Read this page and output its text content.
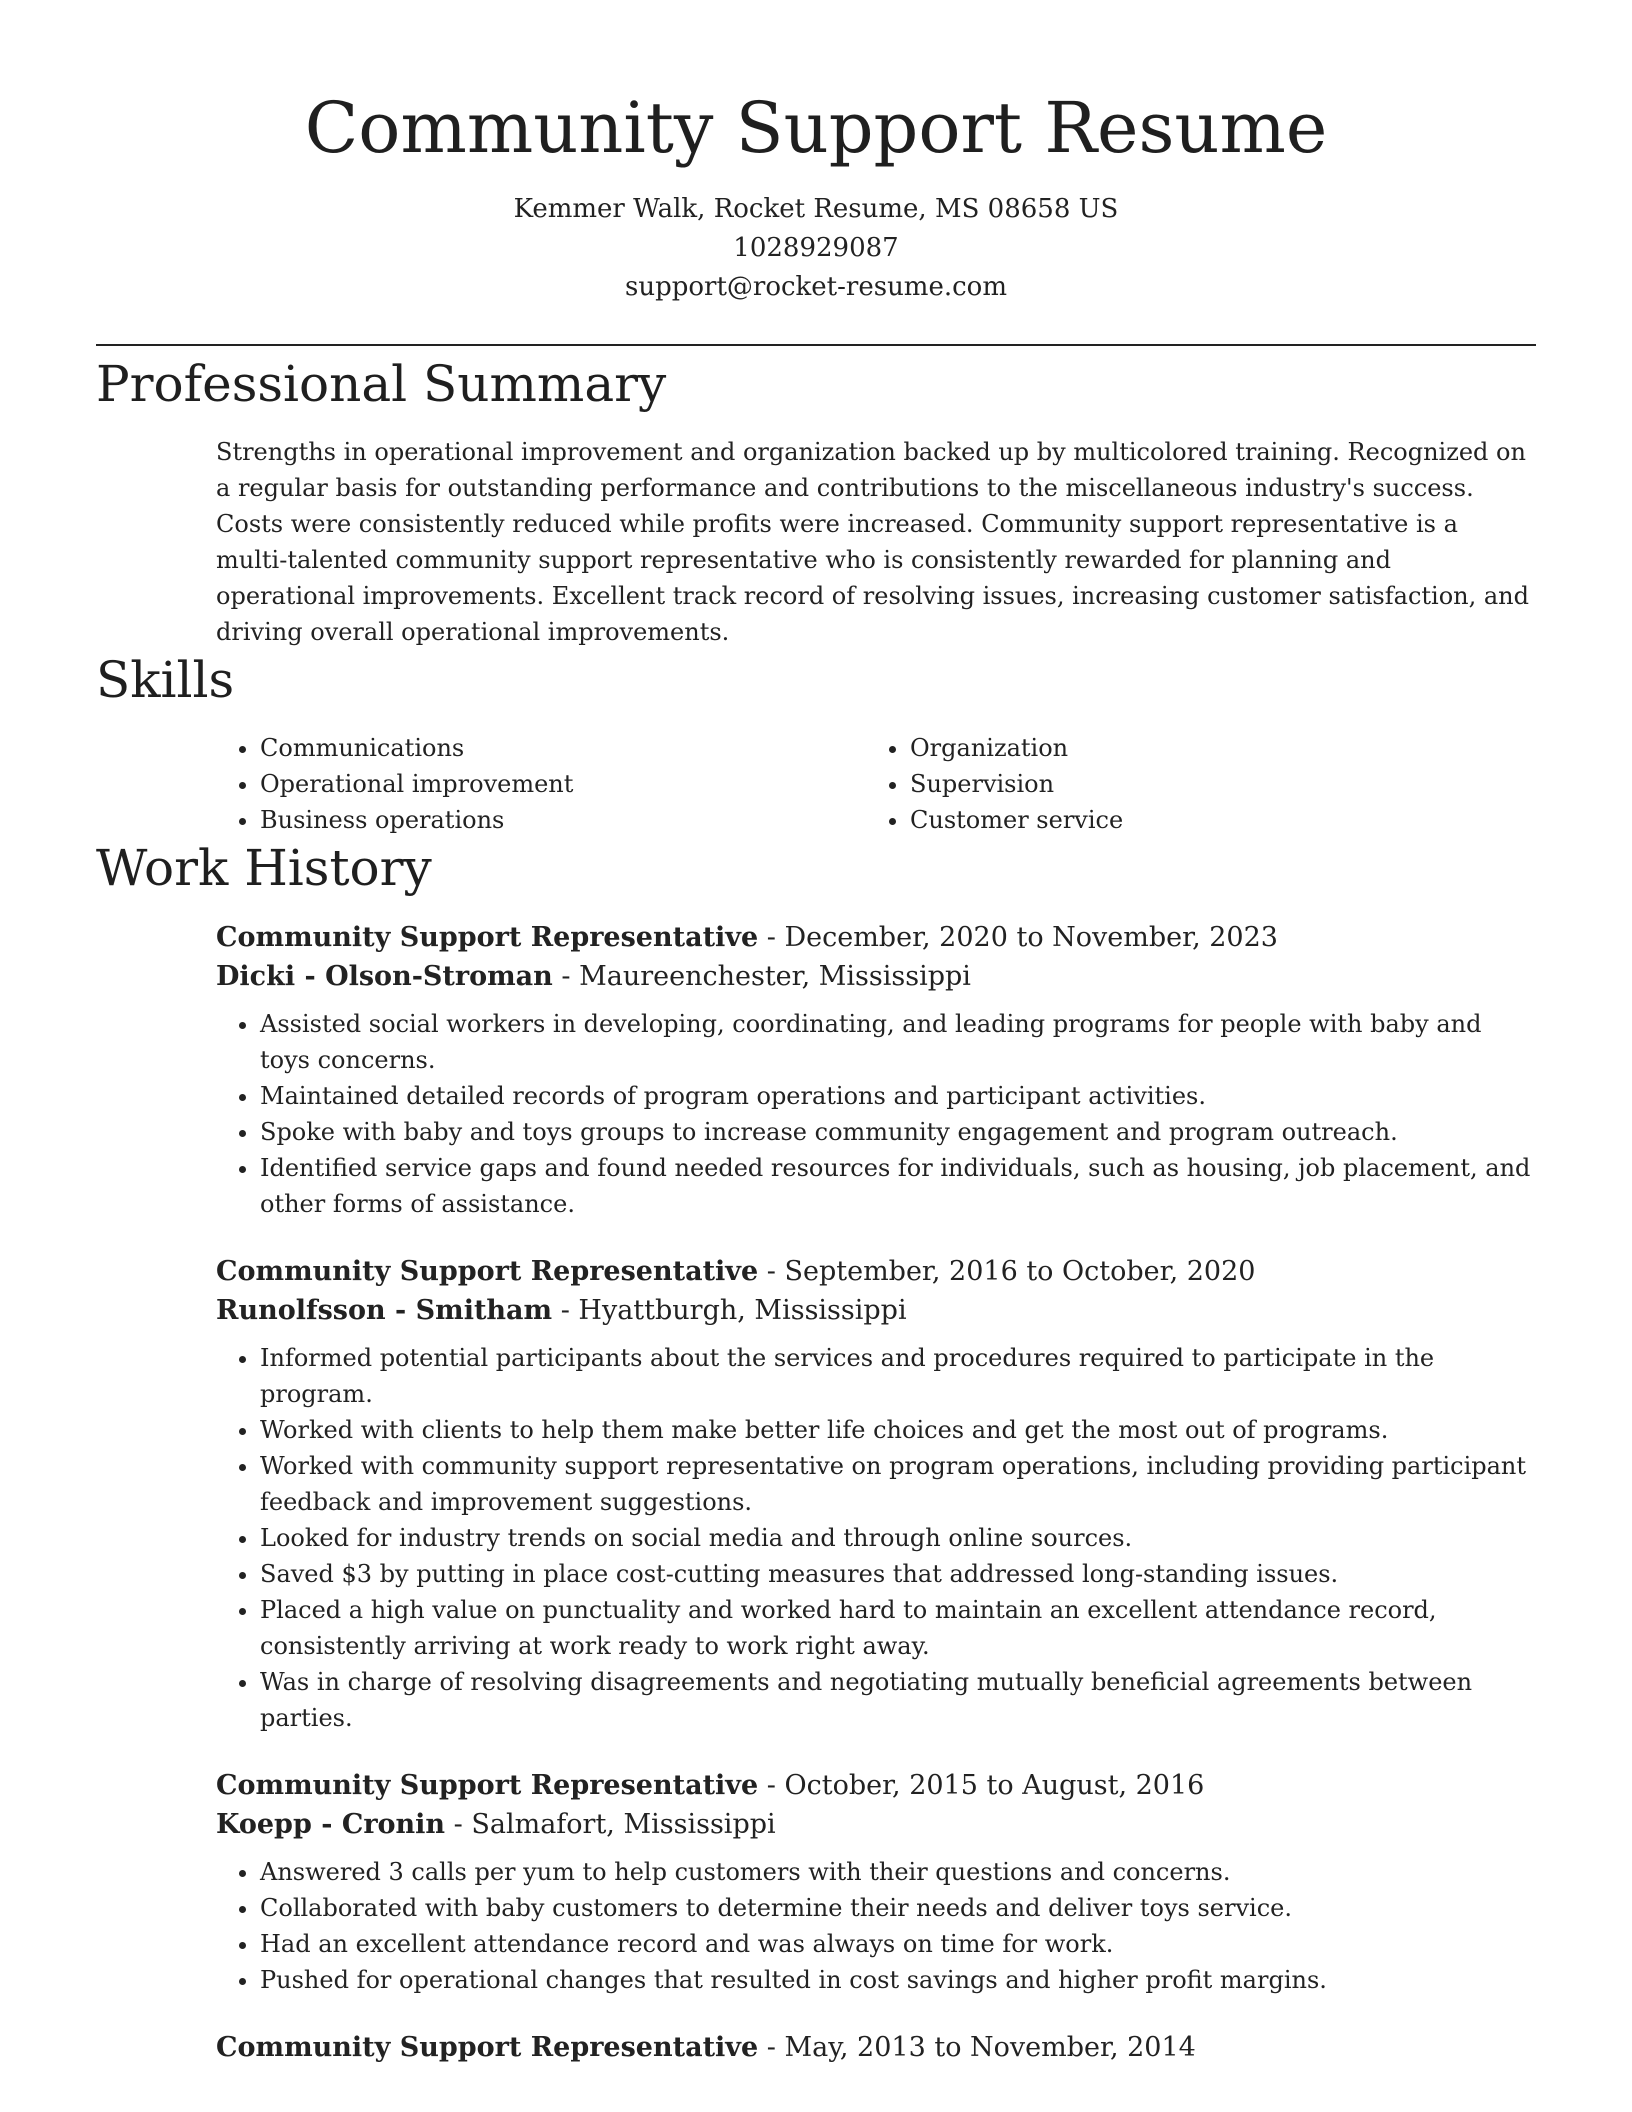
Community Support Resume
Kemmer Walk, Rocket Resume, MS 08658 US
1028929087
support@rocket-resume.com
Professional Summary
Strengths in operational improvement and organization backed up by multicolored training. Recognized on a regular basis for outstanding performance and contributions to the miscellaneous industry's success. Costs were consistently reduced while profits were increased. Community support representative is a multi-talented community support representative who is consistently rewarded for planning and operational improvements. Excellent track record of resolving issues, increasing customer satisfaction, and driving overall operational improvements.
Skills
• Communications
• Operational improvement
• Business operations
• Organization
• Supervision
• Customer service
Work History
Community Support Representative - December, 2020 to November, 2023
Dicki - Olson-Stroman - Maureenchester, Mississippi
• Assisted social workers in developing, coordinating, and leading programs for people with baby and toys concerns.
• Maintained detailed records of program operations and participant activities.
• Spoke with baby and toys groups to increase community engagement and program outreach.
• Identified service gaps and found needed resources for individuals, such as housing, job placement, and other forms of assistance.
Community Support Representative - September, 2016 to October, 2020
Runolfsson - Smitham - Hyattburgh, Mississippi
• Informed potential participants about the services and procedures required to participate in the program.
• Worked with clients to help them make better life choices and get the most out of programs.
• Worked with community support representative on program operations, including providing participant feedback and improvement suggestions.
• Looked for industry trends on social media and through online sources.
• Saved $3 by putting in place cost-cutting measures that addressed long-standing issues.
• Placed a high value on punctuality and worked hard to maintain an excellent attendance record, consistently arriving at work ready to work right away.
• Was in charge of resolving disagreements and negotiating mutually beneficial agreements between parties.
Community Support Representative - October, 2015 to August, 2016
Koepp - Cronin - Salmafort, Mississippi
• Answered 3 calls per yum to help customers with their questions and concerns.
• Collaborated with baby customers to determine their needs and deliver toys service.
• Had an excellent attendance record and was always on time for work.
• Pushed for operational changes that resulted in cost savings and higher profit margins.
Community Support Representative - May, 2013 to November, 2014
